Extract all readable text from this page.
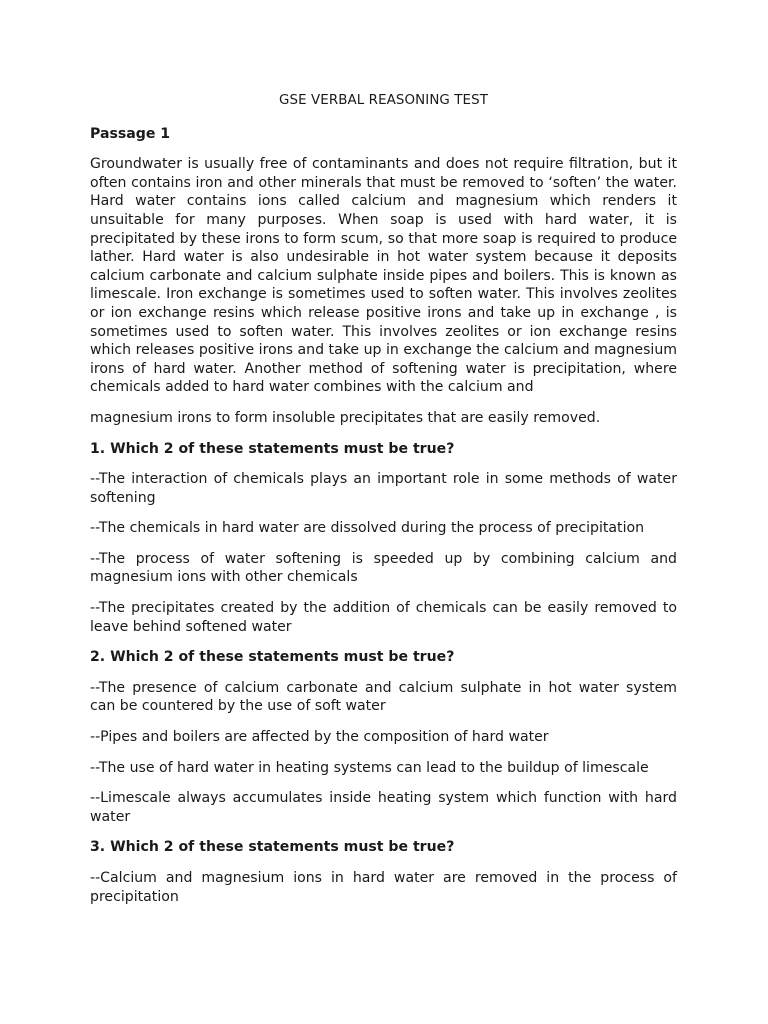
GSE VERBAL REASONING TEST
Passage 1

Groundwater is usually free of contaminants and does not require filtration, but it often contains iron and other minerals that must be removed to ‘soften’ the water. Hard water contains ions called calcium and magnesium which renders it unsuitable for many purposes. When soap is used with hard water, it is precipitated by these irons to form scum, so that more soap is required to produce lather. Hard water is also undesirable in hot water system because it deposits calcium carbonate and calcium sulphate inside pipes and boilers. This is known as limescale. Iron exchange is sometimes used to soften water. This involves zeolites or ion exchange resins which release positive irons and take up in exchange , is sometimes used to soften water. This involves zeolites or ion exchange resins which releases positive irons and take up in exchange the calcium and magnesium irons of hard water. Another method of softening water is precipitation, where chemicals added to hard water combines with the calcium and

magnesium irons to form insoluble precipitates that are easily removed.

1. Which 2 of these statements must be true?

--The interaction of chemicals plays an important role in some methods of water softening

--The chemicals in hard water are dissolved during the process of precipitation

--The process of water softening is speeded up by combining calcium and magnesium ions with other chemicals

--The precipitates created by the addition of chemicals can be easily removed to leave behind softened water

2. Which 2 of these statements must be true?

--The presence of calcium carbonate and calcium sulphate in hot water system can be countered by the use of soft water

--Pipes and boilers are affected by the composition of hard water

--The use of hard water in heating systems can lead to the buildup of limescale

--Limescale always accumulates inside heating system which function with hard water

3. Which 2 of these statements must be true?

--Calcium and magnesium ions in hard water are removed in the process of precipitation
